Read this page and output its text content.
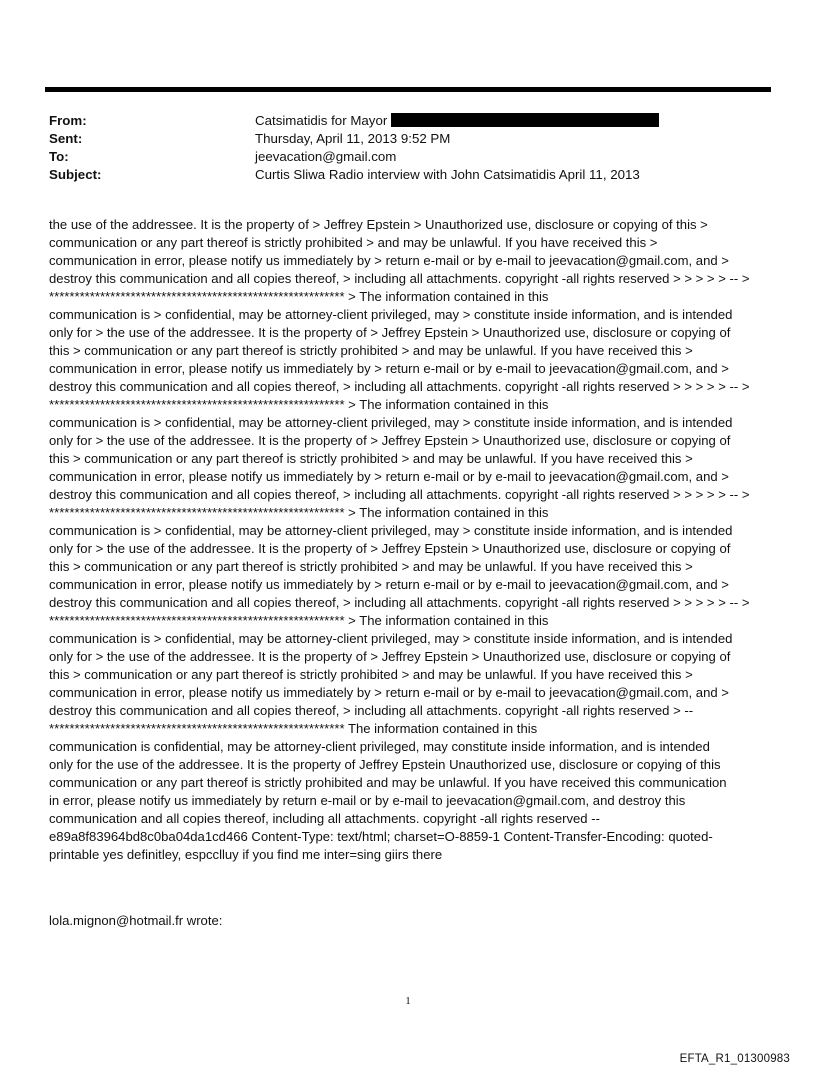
From:	Catsimatidis for Mayor
Sent:	Thursday, April 11, 2013 9:52 PM
To:	jeevacation@gmail.com
Subject:	Curtis Sliwa Radio interview with John Catsimatidis April 11, 2013
the use of the addressee. It is the property of > Jeffrey Epstein > Unauthorized use, disclosure or copying of this >
communication or any part thereof is strictly prohibited > and may be unlawful. If you have received this >
communication in error, please notify us immediately by > return e-mail or by e-mail to jeevacation@gmail.com, and >
destroy this communication and all copies thereof, > including all attachments. copyright -all rights reserved > > > > > -- >
********************************************************** > The information contained in this
communication is > confidential, may be attorney-client privileged, may > constitute inside information, and is intended
only for > the use of the addressee. It is the property of > Jeffrey Epstein > Unauthorized use, disclosure or copying of
this > communication or any part thereof is strictly prohibited > and may be unlawful. If you have received this >
communication in error, please notify us immediately by > return e-mail or by e-mail to jeevacation@gmail.com, and >
destroy this communication and all copies thereof, > including all attachments. copyright -all rights reserved > > > > > -- >
********************************************************** > The information contained in this
communication is > confidential, may be attorney-client privileged, may > constitute inside information, and is intended
only for > the use of the addressee. It is the property of > Jeffrey Epstein > Unauthorized use, disclosure or copying of
this > communication or any part thereof is strictly prohibited > and may be unlawful. If you have received this >
communication in error, please notify us immediately by > return e-mail or by e-mail to jeevacation@gmail.com, and >
destroy this communication and all copies thereof, > including all attachments. copyright -all rights reserved > > > > > -- >
********************************************************** > The information contained in this
communication is > confidential, may be attorney-client privileged, may > constitute inside information, and is intended
only for > the use of the addressee. It is the property of > Jeffrey Epstein > Unauthorized use, disclosure or copying of
this > communication or any part thereof is strictly prohibited > and may be unlawful. If you have received this >
communication in error, please notify us immediately by > return e-mail or by e-mail to jeevacation@gmail.com, and >
destroy this communication and all copies thereof, > including all attachments. copyright -all rights reserved > > > > > -- >
********************************************************** > The information contained in this
communication is > confidential, may be attorney-client privileged, may > constitute inside information, and is intended
only for > the use of the addressee. It is the property of > Jeffrey Epstein > Unauthorized use, disclosure or copying of
this > communication or any part thereof is strictly prohibited > and may be unlawful. If you have received this >
communication in error, please notify us immediately by > return e-mail or by e-mail to jeevacation@gmail.com, and >
destroy this communication and all copies thereof, > including all attachments. copyright -all rights reserved > --
********************************************************** The information contained in this
communication is confidential, may be attorney-client privileged, may constitute inside information, and is intended
only for the use of the addressee. It is the property of Jeffrey Epstein Unauthorized use, disclosure or copying of this
communication or any part thereof is strictly prohibited and may be unlawful. If you have received this communication
in error, please notify us immediately by return e-mail or by e-mail to jeevacation@gmail.com, and destroy this
communication and all copies thereof, including all attachments. copyright -all rights reserved --
e89a8f83964bd8c0ba04da1cd466 Content-Type: text/html; charset=O-8859-1 Content-Transfer-Encoding: quoted-
printable yes definitley, espcclluy if you find me inter=sing giirs there
lola.mignon@hotmail.fr wrote:
1
EFTA_R1_01300983
